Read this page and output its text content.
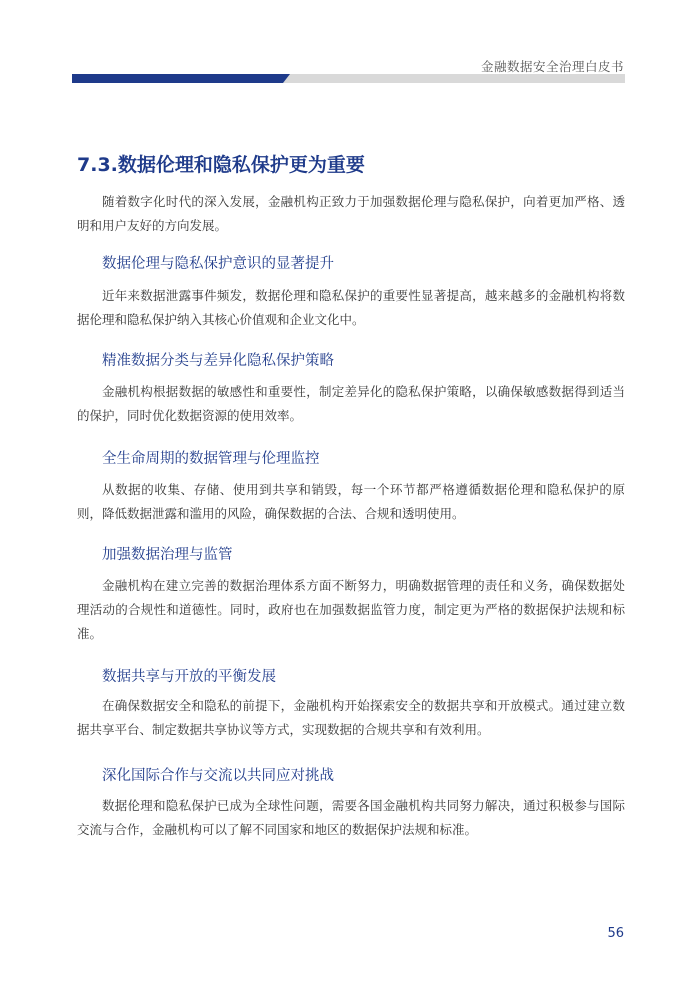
金融数据安全治理白皮书
7.3.数据伦理和隐私保护更为重要

随着数字化时代的深入发展，金融机构正致力于加强数据伦理与隐私保护，向着更加严格、透明和用户友好的方向发展。

数据伦理与隐私保护意识的显著提升

近年来数据泄露事件频发，数据伦理和隐私保护的重要性显著提高，越来越多的金融机构将数据伦理和隐私保护纳入其核心价值观和企业文化中。

精准数据分类与差异化隐私保护策略

金融机构根据数据的敏感性和重要性，制定差异化的隐私保护策略，以确保敏感数据得到适当的保护，同时优化数据资源的使用效率。

全生命周期的数据管理与伦理监控

从数据的收集、存储、使用到共享和销毁，每一个环节都严格遵循数据伦理和隐私保护的原则，降低数据泄露和滥用的风险，确保数据的合法、合规和透明使用。

加强数据治理与监管

金融机构在建立完善的数据治理体系方面不断努力，明确数据管理的责任和义务，确保数据处理活动的合规性和道德性。同时，政府也在加强数据监管力度，制定更为严格的数据保护法规和标准。

数据共享与开放的平衡发展

在确保数据安全和隐私的前提下，金融机构开始探索安全的数据共享和开放模式。通过建立数据共享平台、制定数据共享协议等方式，实现数据的合规共享和有效利用。

深化国际合作与交流以共同应对挑战

数据伦理和隐私保护已成为全球性问题，需要各国金融机构共同努力解决，通过积极参与国际交流与合作，金融机构可以了解不同国家和地区的数据保护法规和标准。

56
